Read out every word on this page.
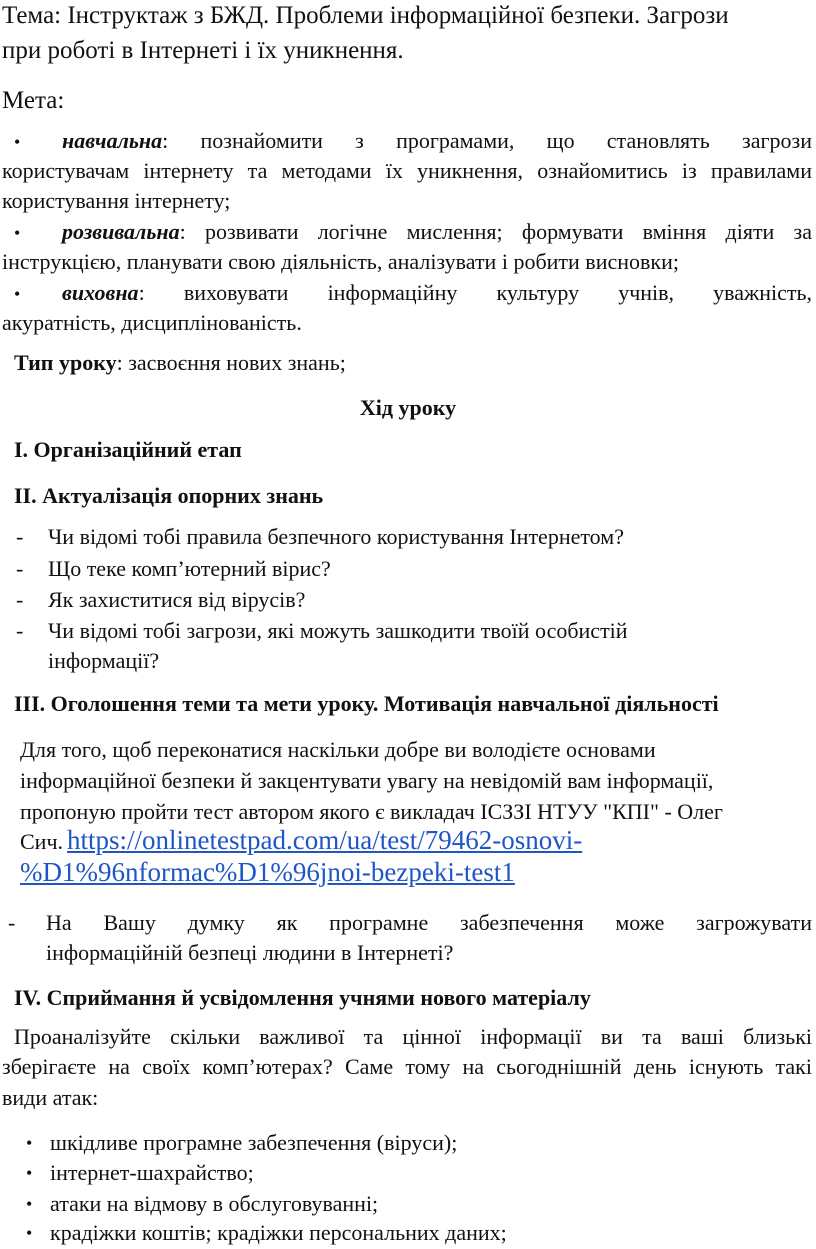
Тема: Інструктаж з БЖД. Проблеми інформаційної безпеки. Загрози
при роботі в Інтернеті і їх уникнення.
Мета:
• навчальна: познайомити з програмами, що становлять загрози
користувачам інтернету та методами їх уникнення, ознайомитись із правилами
користування інтернету;
• розвивальна: розвивати логічне мислення; формувати вміння діяти за
інструкцією, планувати свою діяльність, аналізувати і робити висновки;
• виховна: виховувати інформаційну культуру учнів, уважність,
акуратність, дисциплінованість.
Тип уроку: засвоєння нових знань;
Хід уроку
І. Організаційний етап
ІІ. Актуалізація опорних знань
- Чи відомі тобі правила безпечного користування Інтернетом?
- Що теке комп’ютерний вірис?
- Як захиститися від вірусів?
- Чи відомі тобі загрози, які можуть зашкодити твоїй особистій
інформації?
ІІІ. Оголошення теми та мети уроку. Мотивація навчальної діяльності
Для того, щоб переконатися наскільки добре ви володієте основами
інформаційної безпеки й закцентувати увагу на невідомій вам інформації,
пропоную пройти тест автором якого є викладач ІСЗЗІ НТУУ "КПІ" - Олег
Сич. https://onlinetestpad.com/ua/test/79462-osnovi-
%D1%96nformac%D1%96jnoi-bezpeki-test1
- На Вашу думку як програмне забезпечення може загрожувати
інформаційній безпеці людини в Інтернеті?
ІV. Сприймання й усвідомлення учнями нового матеріалу
Проаналізуйте скільки важливої та цінної інформації ви та ваші близькі
зберігаєте на своїх комп’ютерах? Саме тому на сьогоднішній день існують такі
види атак:
• шкідливе програмне забезпечення (віруси);
• інтернет-шахрайство;
• атаки на відмову в обслуговуванні;
• крадіжки коштів; крадіжки персональних даних;
